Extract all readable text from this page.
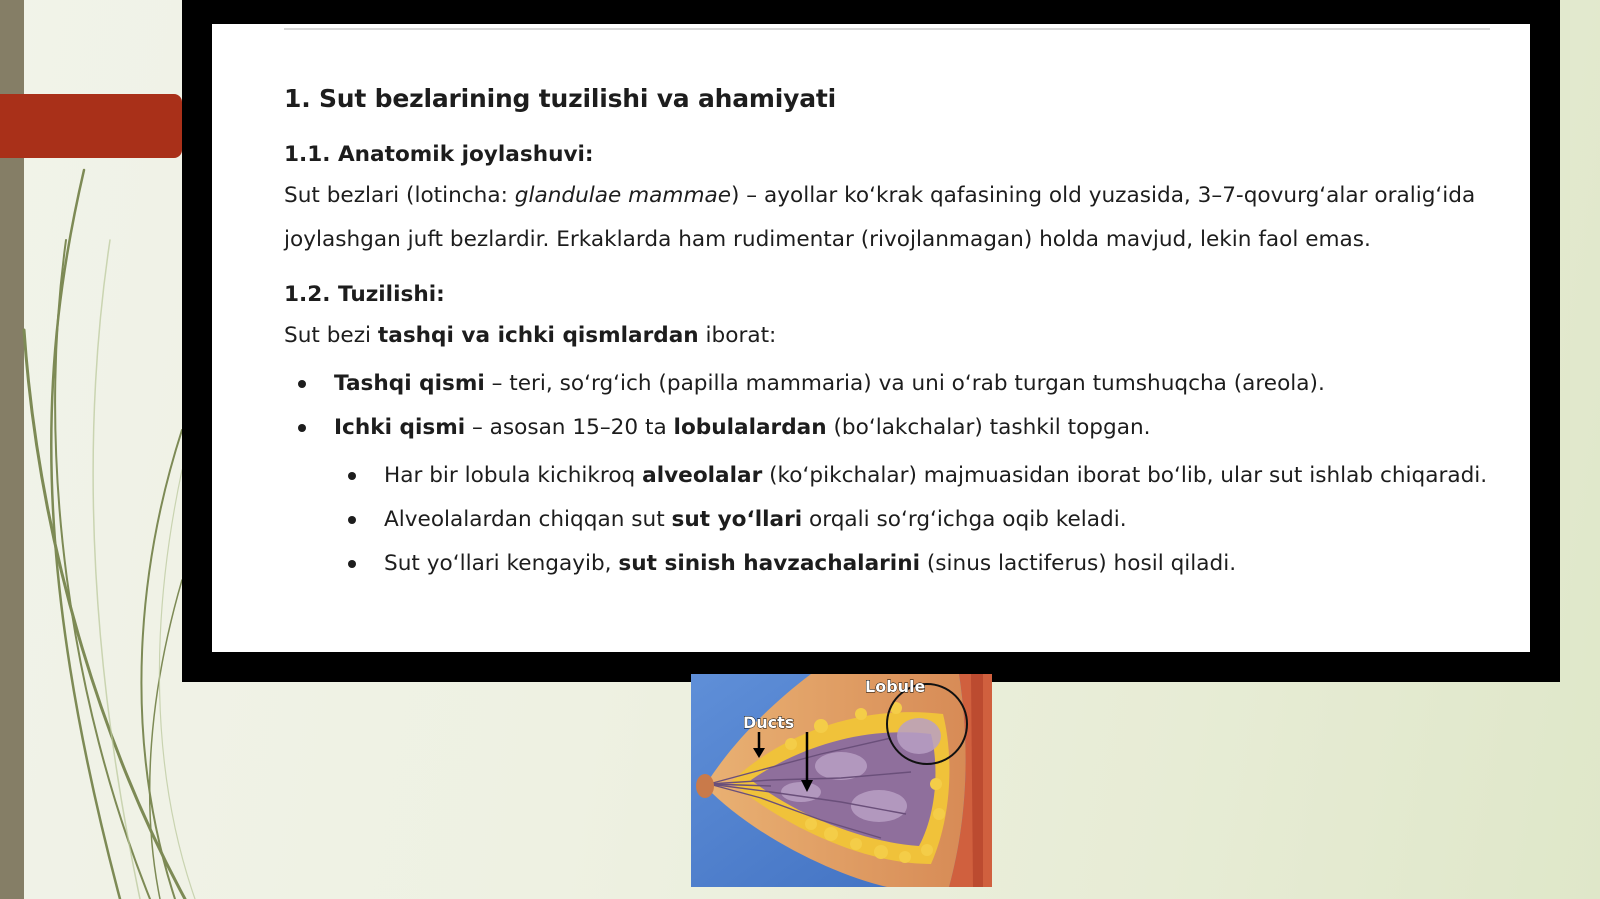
1. Sut bezlarining tuzilishi va ahamiyati
1.1. Anatomik joylashuvi:

Sut bezlari (lotincha: glandulae mammae) – ayollar ko‘krak qafasining old yuzasida, 3–7-qovurg‘alar oralig‘ida joylashgan juft bezlardir. Erkaklarda ham rudimentar (rivojlanmagan) holda mavjud, lekin faol emas.

1.2. Tuzilishi:

Sut bezi tashqi va ichki qismlardan iborat:

Tashqi qismi – teri, so‘rg‘ich (papilla mammaria) va uni o‘rab turgan tumshuqcha (areola).
Ichki qismi – asosan 15–20 ta lobulalardan (bo‘lakchalar) tashkil topgan.
Har bir lobula kichikroq alveolalar (ko‘pikchalar) majmuasidan iborat bo‘lib, ular sut ishlab chiqaradi.
Alveolalardan chiqqan sut sut yo‘llari orqali so‘rg‘ichga oqib keladi.
Sut yo‘llari kengayib, sut sinish havzachalarini (sinus lactiferus) hosil qiladi.
Lobule
Ducts
